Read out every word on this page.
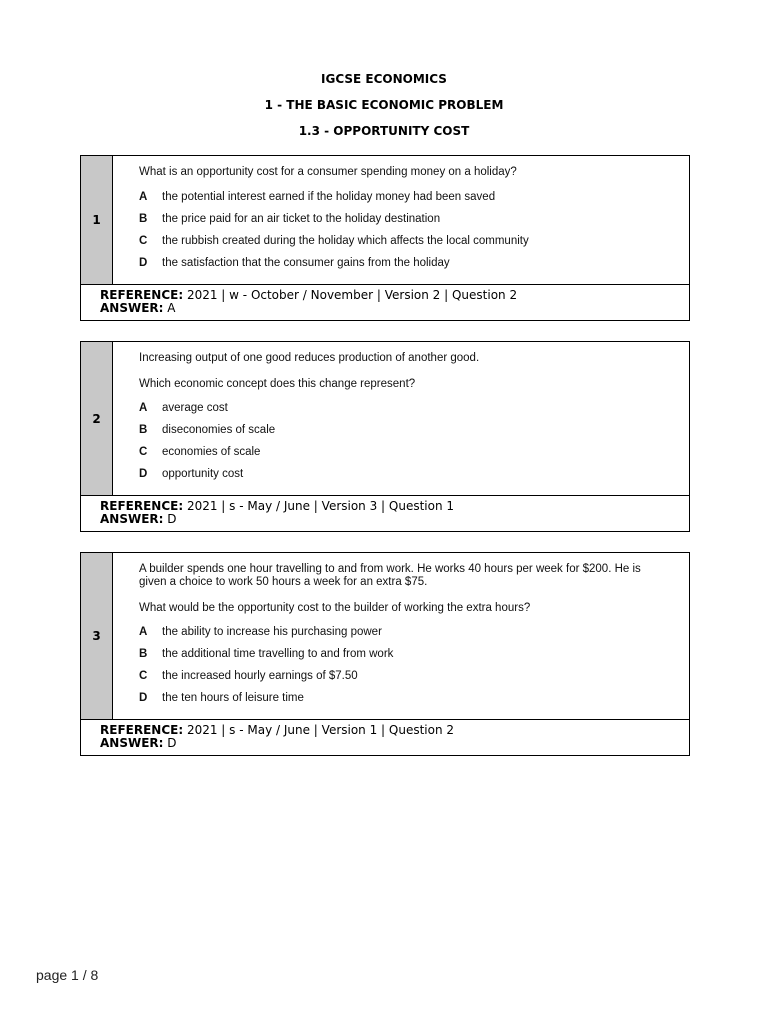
IGCSE ECONOMICS
1 - THE BASIC ECONOMIC PROBLEM
1.3 - OPPORTUNITY COST
1
What is an opportunity cost for a consumer spending money on a holiday?
A the potential interest earned if the holiday money had been saved
B the price paid for an air ticket to the holiday destination
C the rubbish created during the holiday which affects the local community
D the satisfaction that the consumer gains from the holiday
REFERENCE: 2021 | w - October / November | Version 2 | Question 2
ANSWER: A
2
Increasing output of one good reduces production of another good.
Which economic concept does this change represent?
A average cost
B diseconomies of scale
C economies of scale
D opportunity cost
REFERENCE: 2021 | s - May / June | Version 3 | Question 1
ANSWER: D
3
A builder spends one hour travelling to and from work. He works 40 hours per week for $200. He is given a choice to work 50 hours a week for an extra $75.
What would be the opportunity cost to the builder of working the extra hours?
A the ability to increase his purchasing power
B the additional time travelling to and from work
C the increased hourly earnings of $7.50
D the ten hours of leisure time
REFERENCE: 2021 | s - May / June | Version 1 | Question 2
ANSWER: D
page 1 / 8
